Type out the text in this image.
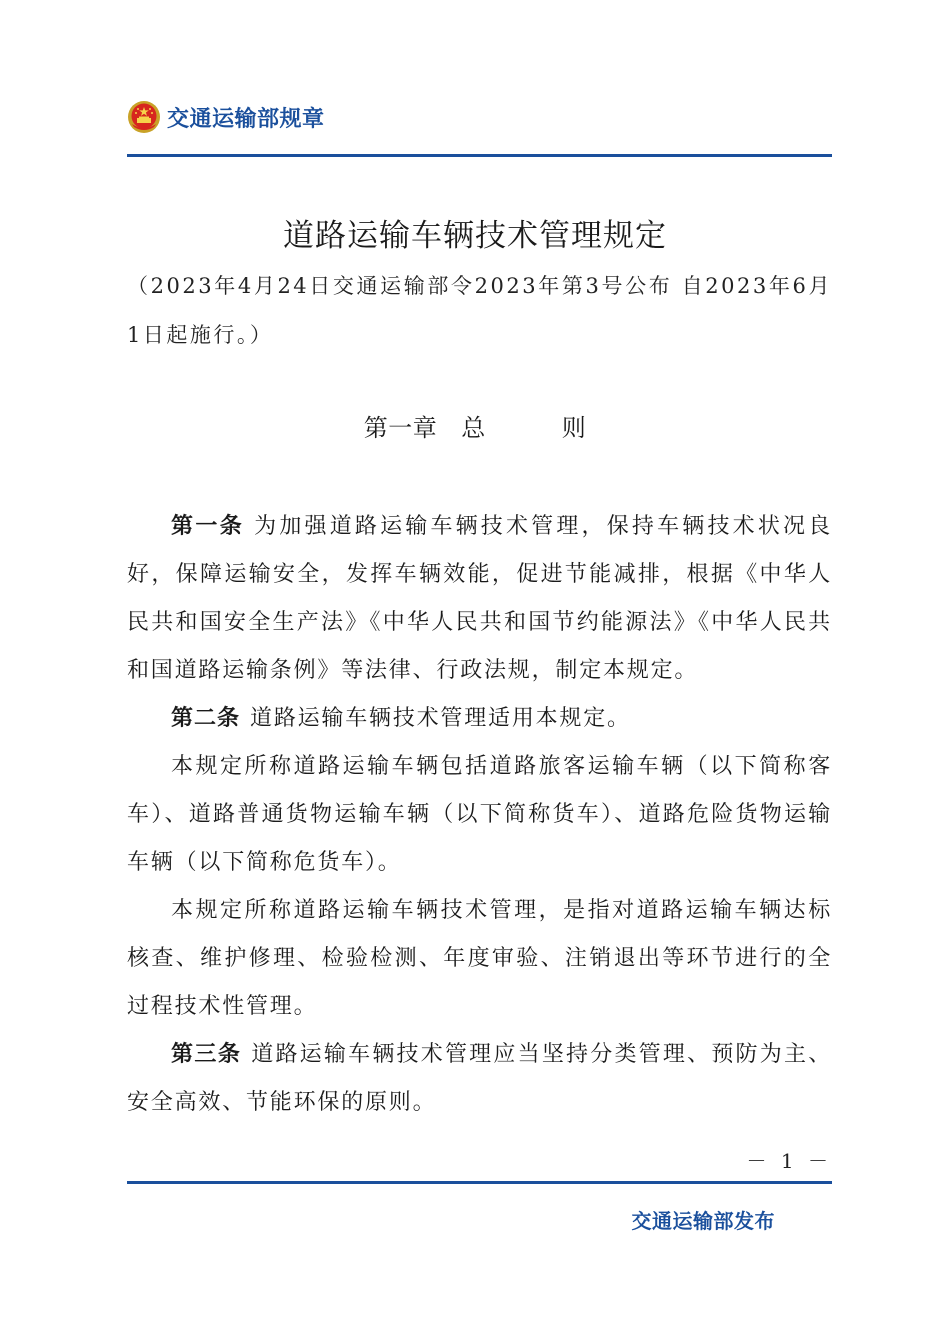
交通运输部规章
道路运输车辆技术管理规定
（2023年4月24日交通运输部令2023年第3号公布 自2023年6月1日起施行。）
第一章 总	则

第一条 为加强道路运输车辆技术管理，保持车辆技术状况良好，保障运输安全，发挥车辆效能，促进节能减排，根据《中华人民共和国安全生产法》《中华人民共和国节约能源法》《中华人民共和国道路运输条例》等法律、行政法规，制定本规定。

第二条 道路运输车辆技术管理适用本规定。

本规定所称道路运输车辆包括道路旅客运输车辆（以下简称客车）、道路普通货物运输车辆（以下简称货车）、道路危险货物运输车辆（以下简称危货车）。

本规定所称道路运输车辆技术管理，是指对道路运输车辆达标核查、维护修理、检验检测、年度审验、注销退出等环节进行的全过程技术性管理。

第三条 道路运输车辆技术管理应当坚持分类管理、预防为主、安全高效、节能环保的原则。

－ 1 －
交通运输部发布
